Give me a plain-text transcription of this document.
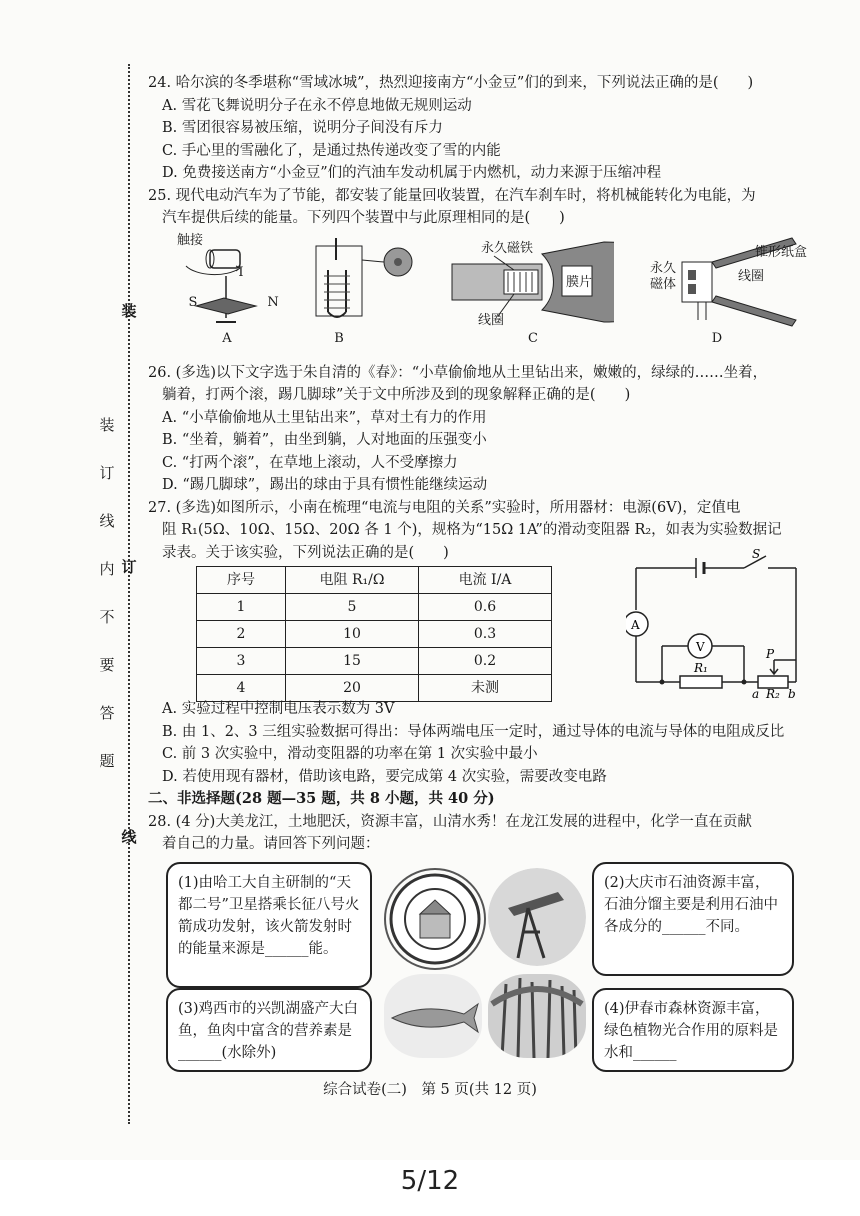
装
装
订
线
内 订
不
要
答
题
线

24. 哈尔滨的冬季堪称“雪域冰城”，热烈迎接南方“小金豆”们的到来，下列说法正确的是(　　)

A. 雪花飞舞说明分子在永不停息地做无规则运动

B. 雪团很容易被压缩，说明分子间没有斥力

C. 手心里的雪融化了，是通过热传递改变了雪的内能

D. 免费接送南方“小金豆”们的汽油车发动机属于内燃机，动力来源于压缩冲程

25. 现代电动汽车为了节能，都安装了能量回收装置，在汽车刹车时，将机械能转化为电能，为

汽车提供后续的能量。下列四个装置中与此原理相同的是(　　)

触接
I
S	N
A	B
永久磁铁
膜片
线圈
C
锥形纸盒
永久
磁体
线圈
D

26. (多选)以下文字选于朱自清的《春》：“小草偷偷地从土里钻出来，嫩嫩的，绿绿的……坐着，

躺着，打两个滚，踢几脚球”关于文中所涉及到的现象解释正确的是(　　)

A. “小草偷偷地从土里钻出来”，草对土有力的作用

B. “坐着，躺着”，由坐到躺，人对地面的压强变小

C. “打两个滚”，在草地上滚动，人不受摩擦力

D. “踢几脚球”，踢出的球由于具有惯性能继续运动

27. (多选)如图所示，小南在梳理“电流与电阻的关系”实验时，所用器材：电源(6V)，定值电

阻 R₁(5Ω、10Ω、15Ω、20Ω 各 1 个)，规格为“15Ω 1A”的滑动变阻器 R₂，如表为实验数据记

录表。关于该实验，下列说法正确的是(　　)

序号	电阻 R₁/Ω	电流 I/A
1	5	0.6
2	10	0.3
3	15	0.2
4	20	未测
S
A
V
R₁
P
a R₂ b

A. 实验过程中控制电压表示数为 3V

B. 由 1、2、3 三组实验数据可得出：导体两端电压一定时，通过导体的电流与导体的电阻成反比

C. 前 3 次实验中，滑动变阻器的功率在第 1 次实验中最小

D. 若使用现有器材，借助该电路，要完成第 4 次实验，需要改变电路

二、非选择题(28 题—35 题，共 8 小题，共 40 分)

28. (4 分)大美龙江，土地肥沃，资源丰富，山清水秀！在龙江发展的进程中，化学一直在贡献

着自己的力量。请回答下列问题：

(1)由哈工大自主研制的“天都二号”卫星搭乘长征八号火箭成功发射，该火箭发射时的能量来源是______能。
(2)大庆市石油资源丰富，石油分馏主要是利用石油中各成分的______不同。
(3)鸡西市的兴凯湖盛产大白鱼，鱼肉中富含的营养素是______(水除外)
(4)伊春市森林资源丰富，绿色植物光合作用的原料是水和______
综合试卷(二)　第 5 页(共 12 页)
5/12
